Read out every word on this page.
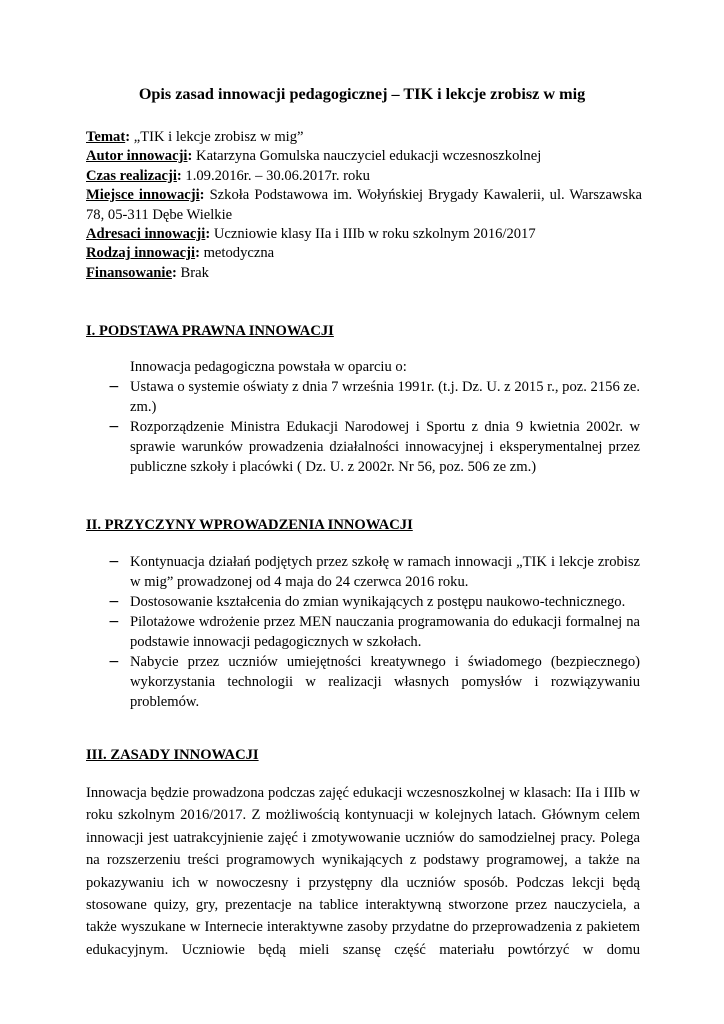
Opis zasad innowacji pedagogicznej – TIK i lekcje zrobisz w mig

Temat: „TIK i lekcje zrobisz w mig”

Autor innowacji: Katarzyna Gomulska nauczyciel edukacji wczesnoszkolnej

Czas realizacji: 1.09.2016r. – 30.06.2017r. roku

Miejsce innowacji: Szkoła Podstawowa im. Wołyńskiej Brygady Kawalerii, ul. Warszawska 78, 05-311 Dębe Wielkie

Adresaci innowacji: Uczniowie klasy IIa i IIIb w roku szkolnym 2016/2017

Rodzaj innowacji: metodyczna

Finansowanie: Brak

I. PODSTAWA PRAWNA INNOWACJI
Innowacja pedagogiczna powstała w oparciu o:
− Ustawa o systemie oświaty z dnia 7 września 1991r. (t.j. Dz. U. z 2015 r., poz. 2156 ze. zm.)
− Rozporządzenie Ministra Edukacji Narodowej i Sportu z dnia 9 kwietnia 2002r. w sprawie warunków prowadzenia działalności innowacyjnej i eksperymentalnej przez publiczne szkoły i placówki ( Dz. U. z 2002r. Nr 56, poz. 506 ze zm.)
II. PRZYCZYNY WPROWADZENIA INNOWACJI
− Kontynuacja działań podjętych przez szkołę w ramach innowacji „TIK i lekcje zrobisz w mig” prowadzonej od 4 maja do 24 czerwca 2016 roku.
− Dostosowanie kształcenia do zmian wynikających z postępu naukowo-technicznego.
− Pilotażowe wdrożenie przez MEN nauczania programowania do edukacji formalnej na podstawie innowacji pedagogicznych w szkołach.
− Nabycie przez uczniów umiejętności kreatywnego i świadomego (bezpiecznego) wykorzystania technologii w realizacji własnych pomysłów i rozwiązywaniu problemów.
III. ZASADY INNOWACJI
Innowacja będzie prowadzona podczas zajęć edukacji wczesnoszkolnej w klasach: IIa i IIIb w roku szkolnym 2016/2017. Z możliwością kontynuacji w kolejnych latach. Głównym celem innowacji jest uatrakcyjnienie zajęć i zmotywowanie uczniów do samodzielnej pracy. Polega na rozszerzeniu treści programowych wynikających z podstawy programowej, a także na pokazywaniu ich w nowoczesny i przystępny dla uczniów sposób. Podczas lekcji będą stosowane quizy, gry, prezentacje na tablice interaktywną stworzone przez nauczyciela, a także wyszukane w Internecie interaktywne zasoby przydatne do przeprowadzenia z pakietem edukacyjnym. Uczniowie będą mieli szansę część materiału powtórzyć w domu
